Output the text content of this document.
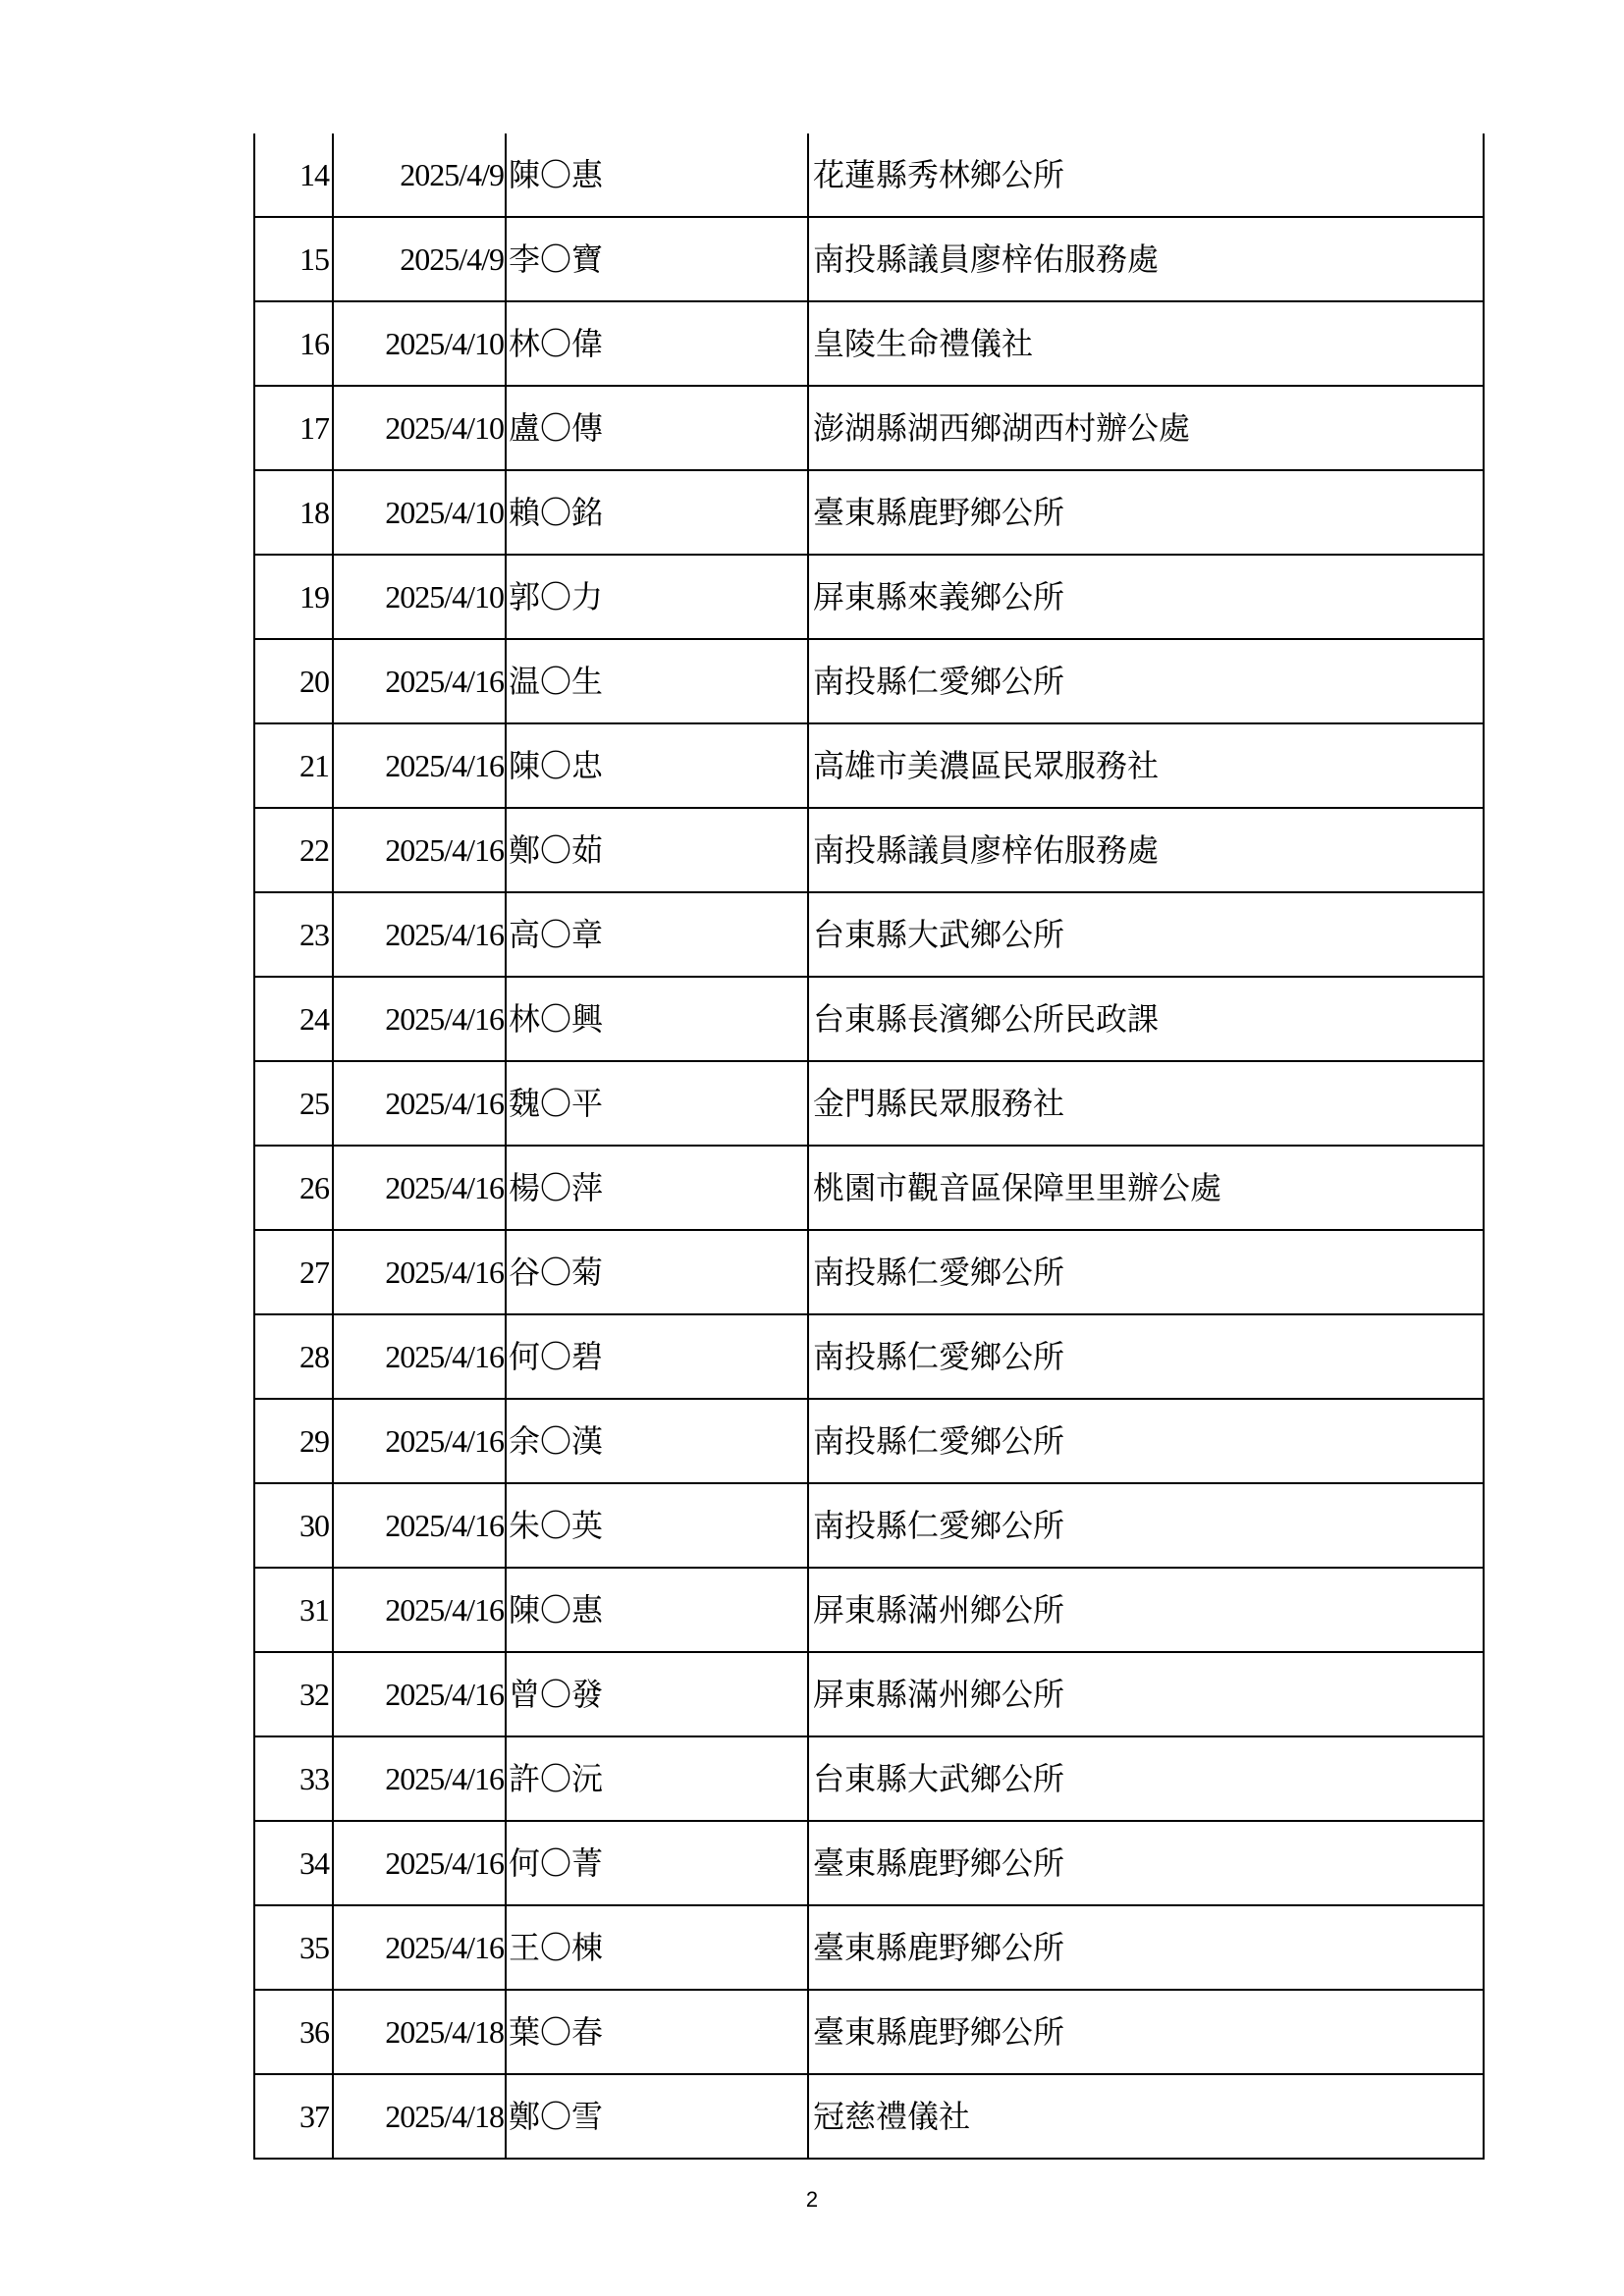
14	2025/4/9	陳〇惠	花蓮縣秀林鄉公所
15	2025/4/9	李〇寶	南投縣議員廖梓佑服務處
16	2025/4/10	林〇偉	皇陵生命禮儀社
17	2025/4/10	盧〇傳	澎湖縣湖西鄉湖西村辦公處
18	2025/4/10	賴〇銘	臺東縣鹿野鄉公所
19	2025/4/10	郭〇力	屏東縣來義鄉公所
20	2025/4/16	温〇生	南投縣仁愛鄉公所
21	2025/4/16	陳〇忠	高雄市美濃區民眾服務社
22	2025/4/16	鄭〇茹	南投縣議員廖梓佑服務處
23	2025/4/16	高〇章	台東縣大武鄉公所
24	2025/4/16	林〇興	台東縣長濱鄉公所民政課
25	2025/4/16	魏〇平	金門縣民眾服務社
26	2025/4/16	楊〇萍	桃園市觀音區保障里里辦公處
27	2025/4/16	谷〇菊	南投縣仁愛鄉公所
28	2025/4/16	何〇碧	南投縣仁愛鄉公所
29	2025/4/16	余〇漢	南投縣仁愛鄉公所
30	2025/4/16	朱〇英	南投縣仁愛鄉公所
31	2025/4/16	陳〇惠	屏東縣滿州鄉公所
32	2025/4/16	曾〇發	屏東縣滿州鄉公所
33	2025/4/16	許〇沅	台東縣大武鄉公所
34	2025/4/16	何〇菁	臺東縣鹿野鄉公所
35	2025/4/16	王〇棟	臺東縣鹿野鄉公所
36	2025/4/18	葉〇春	臺東縣鹿野鄉公所
37	2025/4/18	鄭〇雪	冠慈禮儀社
2
